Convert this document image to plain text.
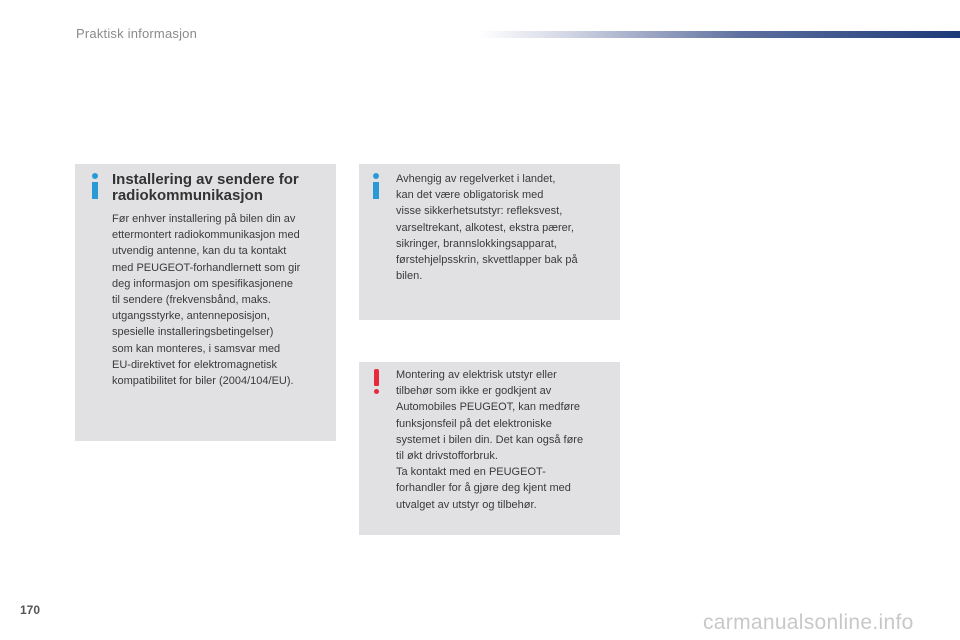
Praktisk informasjon
Installering av sendere for
radiokommunikasjon
Før enhver installering på bilen din av
ettermontert radiokommunikasjon med
utvendig antenne, kan du ta kontakt
med PEUGEOT-forhandlernett som gir
deg informasjon om spesifikasjonene
til sendere (frekvensbånd, maks.
utgangsstyrke, antenneposisjon,
spesielle installeringsbetingelser)
som kan monteres, i samsvar med
EU-direktivet for elektromagnetisk
kompatibilitet for biler (2004/104/EU).
Avhengig av regelverket i landet,
kan det være obligatorisk med
visse sikkerhetsutstyr: refleksvest,
varseltrekant, alkotest, ekstra pærer,
sikringer, brannslokkingsapparat,
førstehjelpsskrin, skvettlapper bak på
bilen.
Montering av elektrisk utstyr eller
tilbehør som ikke er godkjent av
Automobiles PEUGEOT, kan medføre
funksjonsfeil på det elektroniske
systemet i bilen din. Det kan også føre
til økt drivstofforbruk.
Ta kontakt med en PEUGEOT-
forhandler for å gjøre deg kjent med
utvalget av utstyr og tilbehør.
170
carmanualsonline.info
